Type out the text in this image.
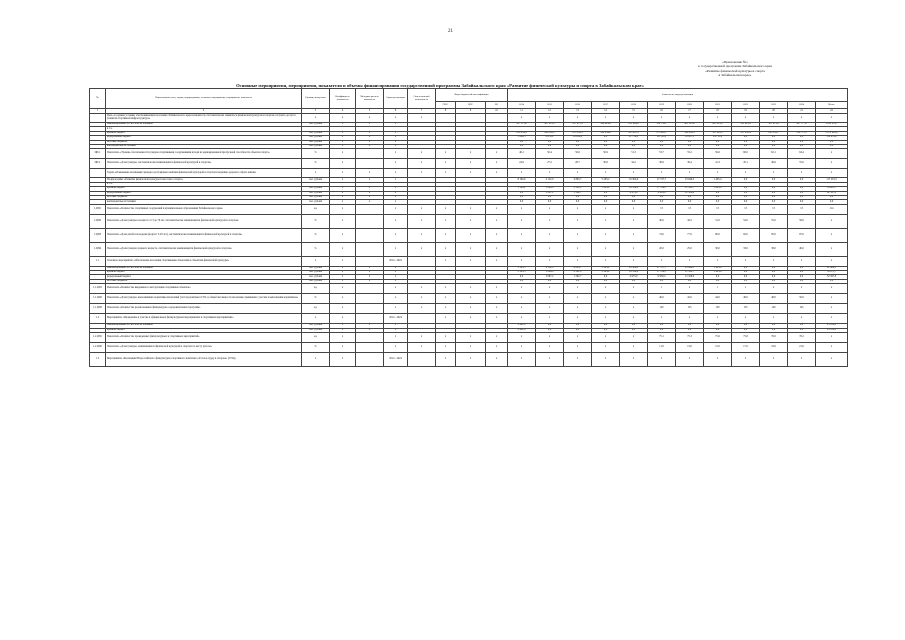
21
«Приложение №1
к государственной программе Забайкальского края
«Развитие физической культуры и спорта
в Забайкальском крае»
Основные мероприятия, мероприятия, показатели и объемы финансирования государственной программы Забайкальского края «Развитие физической культуры и спорта в Забайкальском крае»
№	Наименование цели, задачи, подпрограммы, основного мероприятия, мероприятия, показателя	Единица измерения	Коэффициент значимости	Методика расчета показателя	Сроки реализации	Ответственный исполнитель	Коды бюджетной классификации			Значения по годам реализации											
							ГРБС	ЦСР	ВР	2014	2015	2016	2017	2018	2019	2020	2021	2022	2023	2024	Итого
1	2	3	4	5	6	7	8	9	10	11	12	13	14	15	16	17	18	19	20	21	22
	Цель «Создание условий, обеспечивающих населению Забайкальского края возможность систематически заниматься физической культурой и спортом, получать доступ к развитой спортивной инфраструктуре»	х	х	х	х	х				х	х	х	х	х	х	х	х	х	х	х	х
	Финансирование за счет всех источников	тыс. рублей	х	х	х					307 373,8	427 476,3	317 673,3	142 424,6	251 849,2	334 734,7	401 312,0	405 301,2	351 621,4	307 673,8	367 777,0	3 632 053,7
	в т.ч.																				
	краевой бюджет	тыс. рублей	х	х	х					250 454,9	298 106,3	255 104,5	140 854,6	183 210,3	275 402,7	346 142,3	327 093,3	317 632,4	293 339,7	334 775,1	3 070 616,2
	федеральный бюджет	тыс. рублей	х	х	х					1 669,5	6 679,2	16 282,8	0,0	21 754,2	26 335,8	19 457,3	24 711,6	0,0	0,0	0,0	116 953,2
	местные бюджеты	тыс. рублей	х	х	х					0,0	0,0	0,0	0,0	0,0	0,0	0,0	0,0	0,0	0,0	0,0	0,0
	внебюджетные источники	тыс. рублей	х	х	х					0,0	0,0	0,0	0,0	0,0	0,0	0,0	0,0	0,0	0,0	0,0	0,0
ЦП.1	Показатель «Уровень обеспеченности граждан спортивными сооружениями исходя из единовременной пропускной способности объектов спорта»	%	х		х	х	х	х	х	46,1	50,4	50,6	50,9	51,3	53,7	55,2	56,6	60,0	62,1	64,4	х
ЦП.2	Показатель «Доля граждан, систематически занимающихся физической культурой и спортом»	%	х		х	х	х	х	х	24,9	27,2	28,7	30,8	34,2	36,9	39,4	41,3	45,1	49,6	55,0	х
	Задача «Повышение мотивации граждан к регулярным занятиям физической культурой и спортом и ведению здорового образа жизни»	х	х	х	х	х	х	х	х	х	х	х	х	х	х	х	х	х	х	х	х
	Подпрограмма «Развитие физической культуры и массового спорта»	тыс. рублей	х	х	х					8 184,9	4 152,0	4 863,7	5 293,2	19 304,8	27 727,7	23 649,3	1 405,4	0,0	0,0	0,0	117 281,5
	в т.ч.																				
	краевой бюджет	тыс. рублей	х	х	х					1 198,2	1 064,8	2 301,0	5 293,2	14 330,9	17 769,3	11 320,7	1 405,4	0,0	0,0	0,0	54 683,7
	федеральный бюджет	тыс. рублей	х	х	х					0,0	3 087,2	1 562,7	0,0	4 973,9	9 958,4	12 328,6	0,0	0,0	0,0	0,0	62 597,8
	местные бюджеты	тыс. рублей	х	х	х					0,0	0,0	0,0	0,0	0,0	0,0	0,0	0,0	0,0	0,0	0,0	0,0
	внебюджетные источники	тыс. рублей	х	х	х					0,0	0,0	0,0	0,0	0,0	0,0	0,0	0,0	0,0	0,0	0,0	0,0
1.ЦП1	Показатель «Количество спортивных сооружений в муниципальных образованиях Забайкальского края»	ед.	х		х	х	х	х	х	х	х	х	х	х	13	13	13	13	13	13	114
1.ЦП2	Показатель «Доля граждан в возрасте от 3 до 79 лет, систематически занимающихся физической культурой и спортом»	%	х		х	х	х	х	х	х	х	х	х	х	40,0	44,5	51,0	54,0	55,0	58,0	х
1.ЦП3	Показатель «Доля детей и молодежи (возраст 3-29 лет), систематически занимающихся физической культурой и спортом»	%	х		х	х	х	х	х	х	х	х	х	х	74,0	77,0	80,0	82,0	85,0	87,0	х
1.ЦП4	Показатель «Доля граждан среднего возраста, систематически занимающихся физической культурой и спортом»	%	х		х	х	х	х	х	х	х	х	х	х	20,0	25,0	30,0	33,0	38,0	40,0	х
1.1	Основное мероприятие «Обеспечение населения спортивными объектами и объектами физической культуры»	х	х		2014 - 2024		х	х	х	х	х	х	х	х	х	х	х	х	х	х	х
	Финансирование за счет всех источников	тыс. рублей	х	х	х					5 193,5	4 152,0	4 863,7	5 293,2	19 304,8	27 727,7	23 649,3	1 405,4	0,0	0,0	0,0	91 469,5
	краевой бюджет	тыс. рублей	х	х	х					5 193,5	1 064,8	2 301,0	5 293,2	14 330,9	17 769,3	11 320,7	1 405,4	0,0	0,0	0,0	58 871,7
	федеральный бюджет	тыс. рублей	х	х	х					0,0	3 087,2	1 562,7	0,0	4 973,9	9 958,4	12 328,6	0,0	0,0	0,0	0,0	32 597,8
	местные бюджеты	тыс. рублей	х	х	х					0,0	0,0	0,0	0,0	0,0	0,0	0,0	0,0	0,0	0,0	0,0	0,0
1.1.ЦП1	Показатель «Количество введенных в эксплуатацию спортивных объектов»	ед.	х		х	х	х	х	х	х	х	х	х	х	1	2	1	1	х	х	х
1.1.ЦП2	Показатель «Доля граждан, выполнивших нормативы испытаний (тестов) комплекса ГТО, в общей численности населения, принявшего участие в выполнении нормативов»	%	х		х	х	х	х	х	х	х	х	х	х	40,0	42,0	44,0	46,0	48,0	50,0	х
1.1.ЦП3	Показатель «Количество реализованных физкультурно-оздоровительных программ»	ед.	х		х	х	х	х	х	х	х	х	х	х	120	125	130	135	140	145	х
1.2	Мероприятие «Проведение и участие в официальных физкультурных мероприятиях и спортивных мероприятиях»	х	х		2014 - 2024		х	х	х	х	х	х	х	х	х	х	х	х	х	х	х
	Финансирование за счет всех источников	тыс. рублей	х	х	х					2 991,4	0,0	0,0	0,0	0,0	0,0	0,0	0,0	0,0	0,0	0,0	25 812,0
	краевой бюджет	тыс. рублей	х	х	х					2 991,4	0,0	0,0	0,0	0,0	0,0	0,0	0,0	0,0	0,0	0,0	25 812,0
1.2.ЦП1	Показатель «Количество проведенных физкультурных и спортивных мероприятий»	ед.	х		х	х	х	х	х	х	х	х	х	х	75,1	75,3	75,6	75,8	76,0	76,2	х
1.2.ЦП2	Показатель «Доля граждан, занимающихся физической культурой и спортом по месту работы»	%	х		х	х	х	х	х	х	х	х	х	х	11,0	13,0	15,0	17,0	19,0	21,0	х
1.3	Мероприятие «Реализация Всероссийского физкультурно-спортивного комплекса «Готов к труду и обороне» (ГТО)»	х	х		2014 - 2024		х	х	х	х	х	х	х	х	х	х	х	х	х	х	х
